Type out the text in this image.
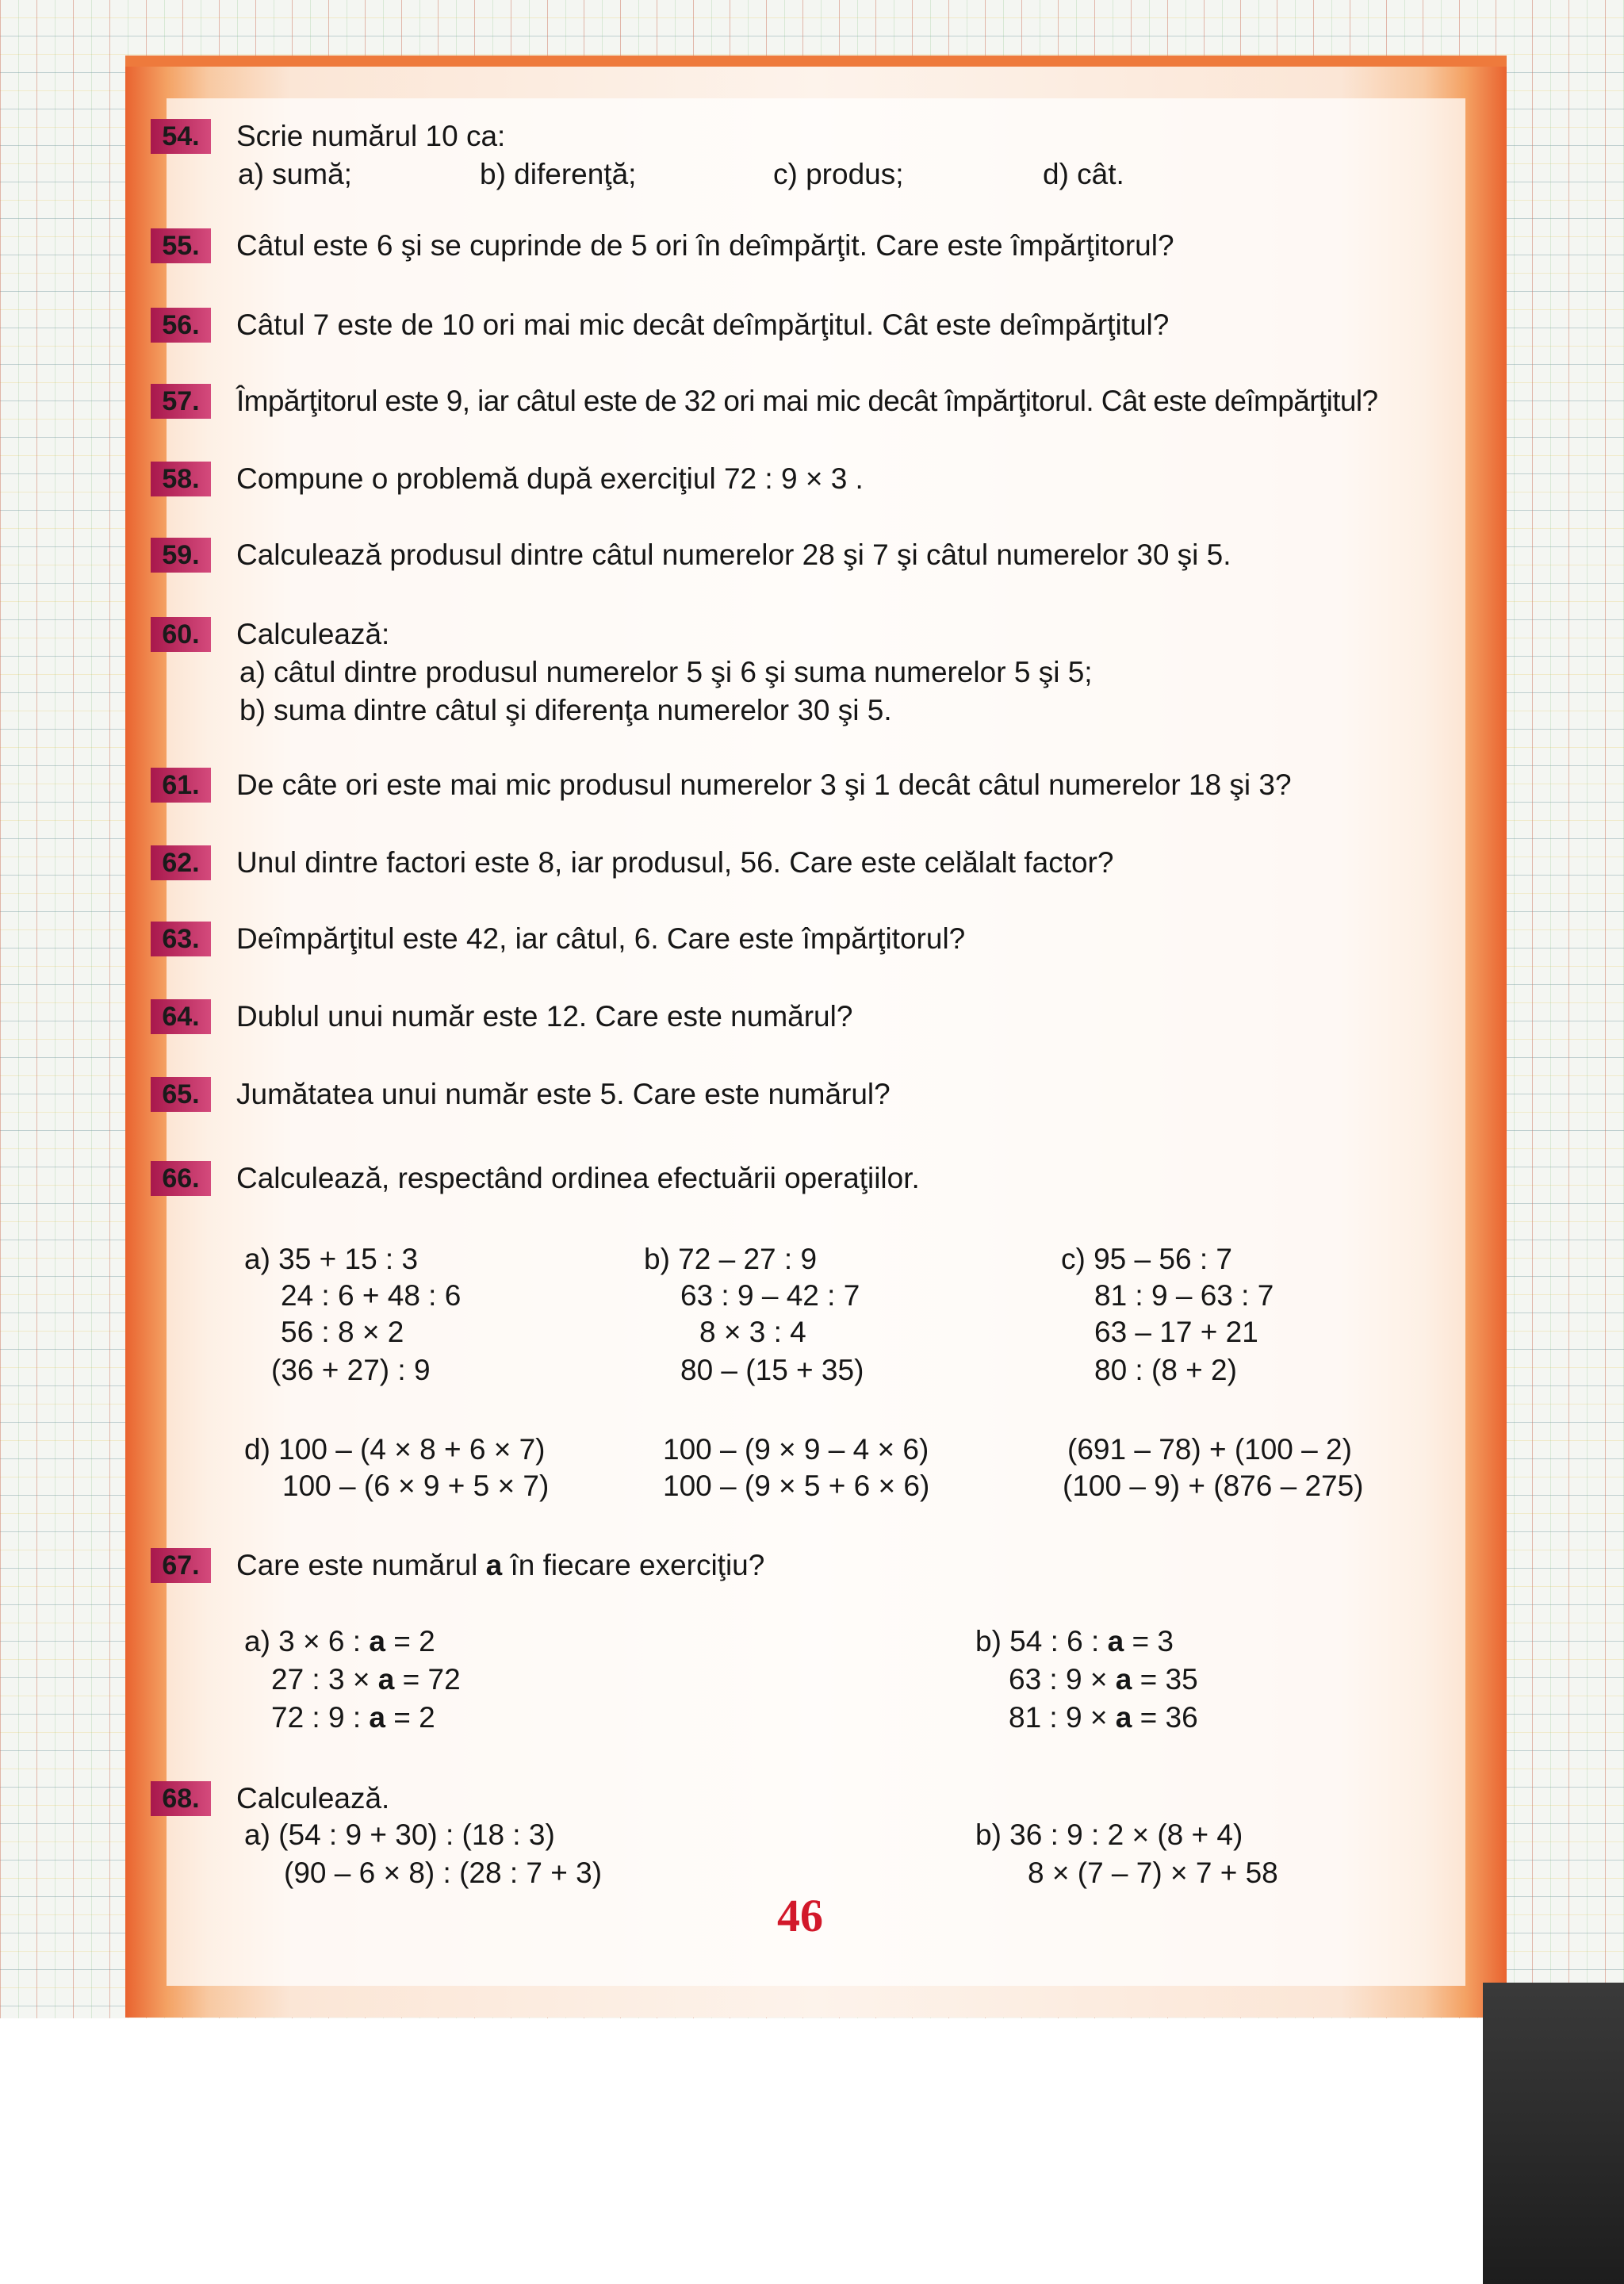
54.	Scrie numărul 10 ca:
a) sumă;	b) diferenţă;	c) produs;	d) cât.
55.	Câtul este 6 şi se cuprinde de 5 ori în deîmpărţit. Care este împărţitorul?
56.	Câtul 7 este de 10 ori mai mic decât deîmpărţitul. Cât este deîmpărţitul?
57.	Împărţitorul este 9, iar câtul este de 32 ori mai mic decât împărţitorul. Cât este deîmpărţitul?
58.	Compune o problemă după exerciţiul 72 : 9 × 3 .
59.	Calculează produsul dintre câtul numerelor 28 şi 7 şi câtul numerelor 30 şi 5.
60.	Calculează:
a) câtul dintre produsul numerelor 5 şi 6 şi suma numerelor 5 şi 5;
b) suma dintre câtul şi diferenţa numerelor 30 şi 5.
61.	De câte ori este mai mic produsul numerelor 3 şi 1 decât câtul numerelor 18 şi 3?
62.	Unul dintre factori este 8, iar produsul, 56. Care este celălalt factor?
63.	Deîmpărţitul este 42, iar câtul, 6. Care este împărţitorul?
64.	Dublul unui număr este 12. Care este numărul?
65.	Jumătatea unui număr este 5. Care este numărul?
66.	Calculează, respectând ordinea efectuării operaţiilor.
a) 35 + 15 : 3
24 : 6 + 48 : 6
56 : 8 × 2
(36 + 27) : 9
b) 72 – 27 : 9
63 : 9 – 42 : 7
8 × 3 : 4
80 – (15 + 35)
c) 95 – 56 : 7
81 : 9 – 63 : 7
63 – 17 + 21
80 : (8 + 2)
d) 100 – (4 × 8 + 6 × 7)	100 – (9 × 9 – 4 × 6)	(691 – 78) + (100 – 2)
100 – (6 × 9 + 5 × 7)	100 – (9 × 5 + 6 × 6)	(100 – 9) + (876 – 275)
67.	Care este numărul a în fiecare exerciţiu?
a) 3 × 6 : a = 2
27 : 3 × a = 72
72 : 9 : a = 2
b) 54 : 6 : a = 3
63 : 9 × a = 35
81 : 9 × a = 36
68.	Calculează.
a) (54 : 9 + 30) : (18 : 3)
(90 – 6 × 8) : (28 : 7 + 3)
b) 36 : 9 : 2 × (8 + 4)
8 × (7 – 7) × 7 + 58
46
